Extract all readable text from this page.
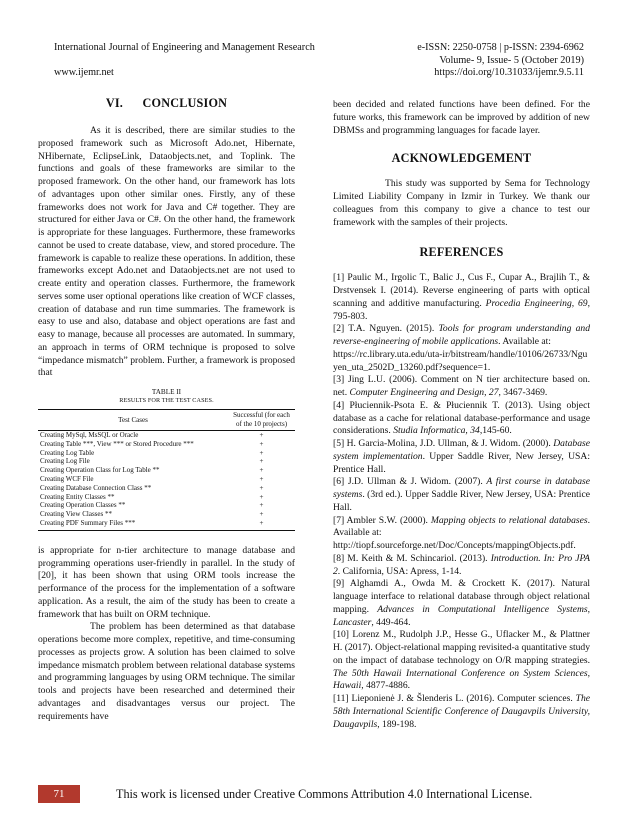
International Journal of Engineering and Management Research	e-ISSN: 2250-0758 | p-ISSN: 2394-6962
Volume- 9, Issue- 5 (October 2019)
www.ijemr.net	https://doi.org/10.31033/ijemr.9.5.11
VI.      CONCLUSION

As it is described, there are similar studies to the proposed framework such as Microsoft Ado.net, Hibernate, NHibernate, EclipseLink, Dataobjects.net, and Toplink. The functions and goals of these frameworks are similar to the proposed framework. On the other hand, our framework has lots of advantages upon other similar ones. Firstly, any of these frameworks does not work for Java and C# together. They are structured for either Java or C#. On the other hand, the framework is appropriate for these languages. Furthermore, these frameworks cannot be used to create database, view, and stored procedure. The framework is capable to realize these operations. In addition, these frameworks except Ado.net and Dataobjects.net are not used to create entity and operation classes. Furthermore, the framework serves some user optional operations like creation of WCF classes, creation of database and run time summaries. The framework is easy to use and also, database and object operations are fast and easy to manage, because all processes are automated. In summary, an approach in terms of ORM technique is proposed to solve “impedance mismatch” problem. Further, a framework is proposed that

TABLE II
RESULTS FOR THE TEST CASES.
Test Cases	Successful (for each of the 10 projects)
Creating MySql, MsSQL or Oracle	+
Creating Table ***, View *** or Stored Procedure ***	+
Creating Log Table	+
Creating Log File	+
Creating Operation Class for Log Table **	+
Creating WCF File	+
Creating Database Connection Class **	+
Creating Entity Classes **	+
Creating Operation Classes **	+
Creating View Classes **	+
Creating PDF Summary Files ***	+

is appropriate for n-tier architecture to manage database and programming operations user-friendly in parallel. In the study of [20], it has been shown that using ORM tools increase the performance of the process for the implementation of a software application. As a result, the aim of the study has been to create a framework that has built on ORM technique.

The problem has been determined as that database operations become more complex, repetitive, and time-consuming processes as projects grow. A solution has been claimed to solve impedance mismatch problem between relational database systems and programming languages by using ORM technique. The similar tools and projects have been researched and determined their advantages and disadvantages versus our project. The requirements have

been decided and related functions have been defined. For the future works, this framework can be improved by addition of new DBMSs and programming languages for facade layer.

ACKNOWLEDGEMENT

This study was supported by Sema for Technology Limited Liability Company in Izmir in Turkey. We thank our colleagues from this company to give a chance to test our framework with the samples of their projects.

REFERENCES

[1] Paulic M., Irgolic T., Balic J., Cus F., Cupar A., Brajlih T., & Drstvensek I. (2014). Reverse engineering of parts with optical scanning and additive manufacturing. Procedia Engineering, 69, 795-803.

[2] T.A. Nguyen. (2015). Tools for program understanding and reverse-engineering of mobile applications. Available at:

https://rc.library.uta.edu/uta-ir/bitstream/handle/10106/26733/Nguyen_uta_2502D_13260.pdf?sequence=1.

[3] Jing L.U. (2006). Comment on N tier architecture based on. net. Computer Engineering and Design, 27, 3467-3469.

[4] Płuciennik-Psota E. & Płuciennik T. (2013). Using object database as a cache for relational database-performance and usage considerations. Studia Informatica, 34,145-60.

[5] H. Garcia-Molina, J.D. Ullman, & J. Widom. (2000). Database system implementation. Upper Saddle River, New Jersey, USA: Prentice Hall.

[6] J.D. Ullman & J. Widom. (2007). A first course in database systems. (3rd ed.). Upper Saddle River, New Jersey, USA: Prentice Hall.

[7] Ambler S.W. (2000). Mapping objects to relational databases. Available at:

http://tiopf.sourceforge.net/Doc/Concepts/mappingObjects.pdf.

[8] M. Keith & M. Schincariol. (2013). Introduction. In: Pro JPA 2. California, USA: Apress, 1-14.

[9] Alghamdi A., Owda M. & Crockett K. (2017). Natural language interface to relational database through object relational mapping. Advances in Computational Intelligence Systems, Lancaster, 449-464.

[10] Lorenz M., Rudolph J.P., Hesse G., Uflacker M., & Plattner H. (2017). Object-relational mapping revisited-a quantitative study on the impact of database technology on O/R mapping strategies. The 50th Hawaii International Conference on System Sciences, Hawaii, 4877-4886.

[11] Lieponienė J. & Šlenderis L. (2016). Computer sciences. The 58th International Scientific Conference of Daugavpils University, Daugavpils, 189-198.

71	This work is licensed under Creative Commons Attribution 4.0 International License.
